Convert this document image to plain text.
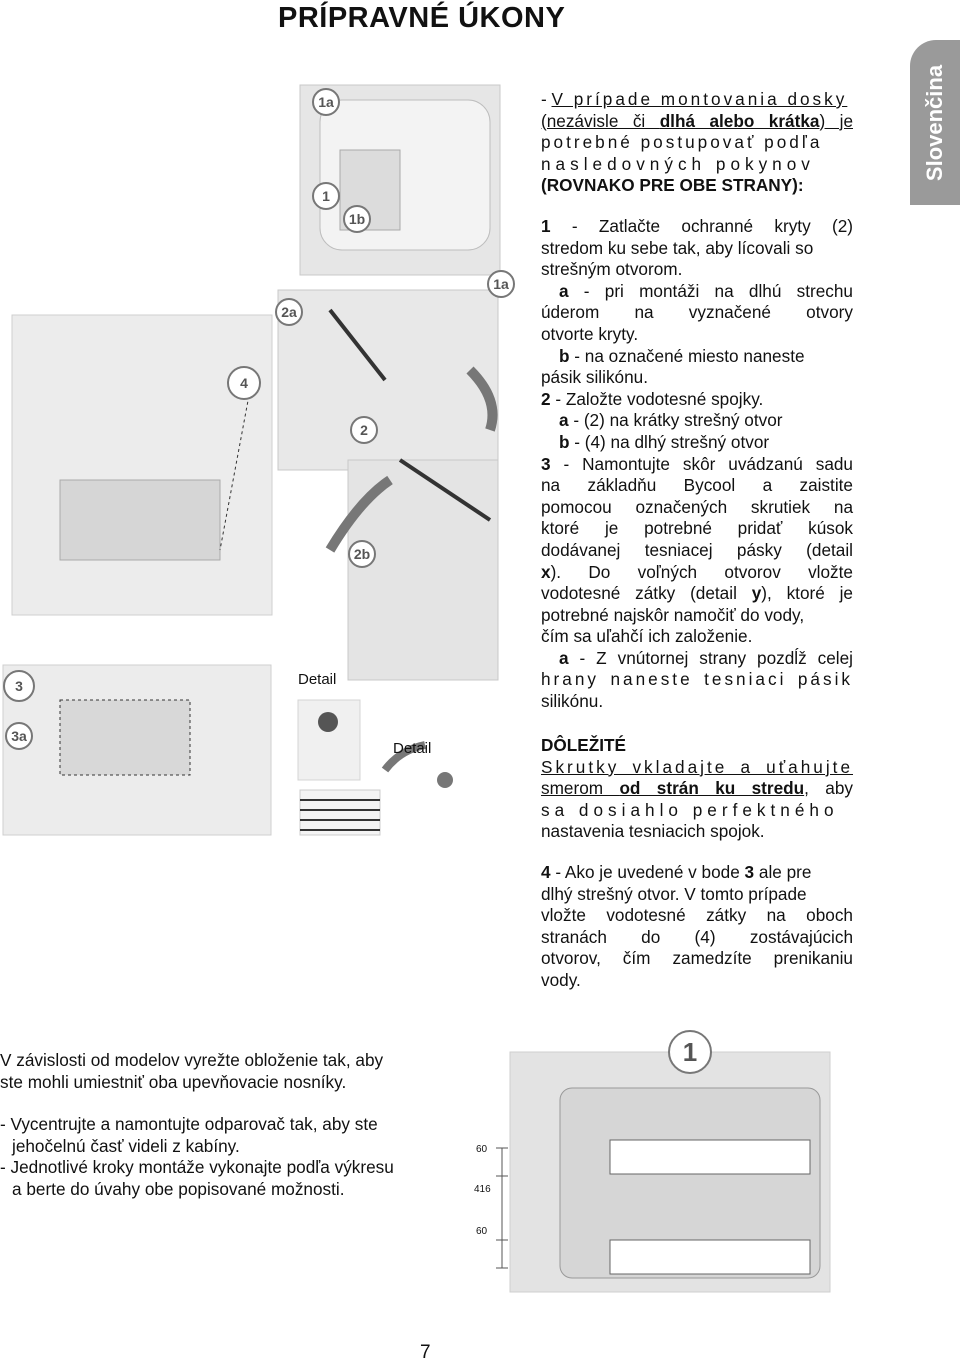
PRÍPRAVNÉ ÚKONY
Slovenčina
1a
1
1b
2a
1a
4
2
2b
3
3a
Detail
Detail

- V prípade montovania dosky

(nezávisle či dlhá alebo krátka) je

potrebné postupovať podľa

nasledovných pokynov

(ROVNAKO PRE OBE STRANY):

1 - Zatlačte ochranné kryty (2)

stredom ku sebe tak, aby lícovali so

strešným otvorom.

a - pri montáži na dlhú strechu

úderom na vyznačené otvory

otvorte kryty.

b - na označené miesto naneste

pásik silikónu.

2 - Založte vodotesné spojky.

a - (2) na krátky strešný otvor

b - (4) na dlhý strešný otvor

3 - Namontujte skôr uvádzanú sadu

na základňu Bycool a zaistite

pomocou označených skrutiek na

ktoré je potrebné pridať kúsok

dodávanej tesniacej pásky (detail

x). Do voľných otvorov vložte

vodotesné zátky (detail y), ktoré je

potrebné najskôr namočiť do vody,

čím sa uľahčí ich založenie.

a - Z vnútornej strany pozdĺž celej

hrany naneste tesniaci pásik

silikónu.

DÔLEŽITÉ

Skrutky vkladajte a uťahujte

smerom od strán ku stredu, aby

sa dosiahlo perfektného

nastavenia tesniacich spojok.

4 - Ako je uvedené v bode 3 ale pre

dlhý strešný otvor. V tomto prípade

vložte vodotesné zátky na oboch

stranách do (4) zostávajúcich

otvorov, čím zamedzíte prenikaniu

vody.

V závislosti od modelov vyrežte obloženie tak, aby

ste mohli umiestniť oba upevňovacie nosníky.

- Vycentrujte a namontujte odparovač tak, aby ste

jehočelnú časť videli z kabíny.

- Jednotlivé kroky montáže vykonajte podľa výkresu

a berte do úvahy obe popisované možnosti.

1
60
416
60
7
